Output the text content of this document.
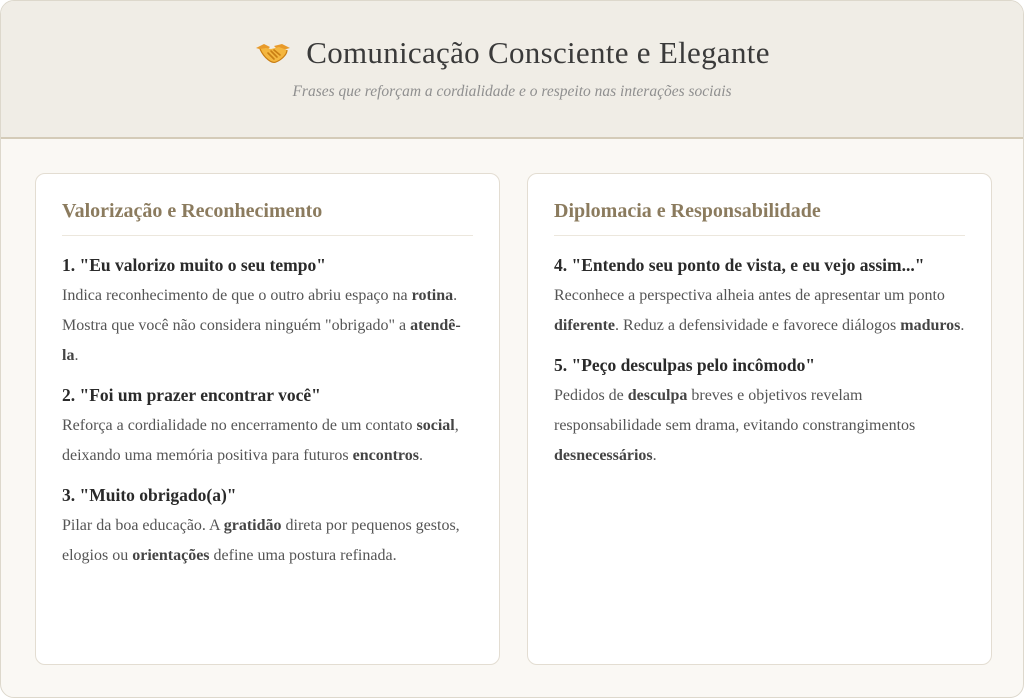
Comunicação Consciente e Elegante
Frases que reforçam a cordialidade e o respeito nas interações sociais
Valorização e Reconhecimento
1. "Eu valorizo muito o seu tempo"
Indica reconhecimento de que o outro abriu espaço na rotina. Mostra que você não considera ninguém "obrigado" a atendê-la.
2. "Foi um prazer encontrar você"
Reforça a cordialidade no encerramento de um contato social, deixando uma memória positiva para futuros encontros.
3. "Muito obrigado(a)"
Pilar da boa educação. A gratidão direta por pequenos gestos, elogios ou orientações define uma postura refinada.
Diplomacia e Responsabilidade
4. "Entendo seu ponto de vista, e eu vejo assim..."
Reconhece a perspectiva alheia antes de apresentar um ponto diferente. Reduz a defensividade e favorece diálogos maduros.
5. "Peço desculpas pelo incômodo"
Pedidos de desculpa breves e objetivos revelam responsabilidade sem drama, evitando constrangimentos desnecessários.
